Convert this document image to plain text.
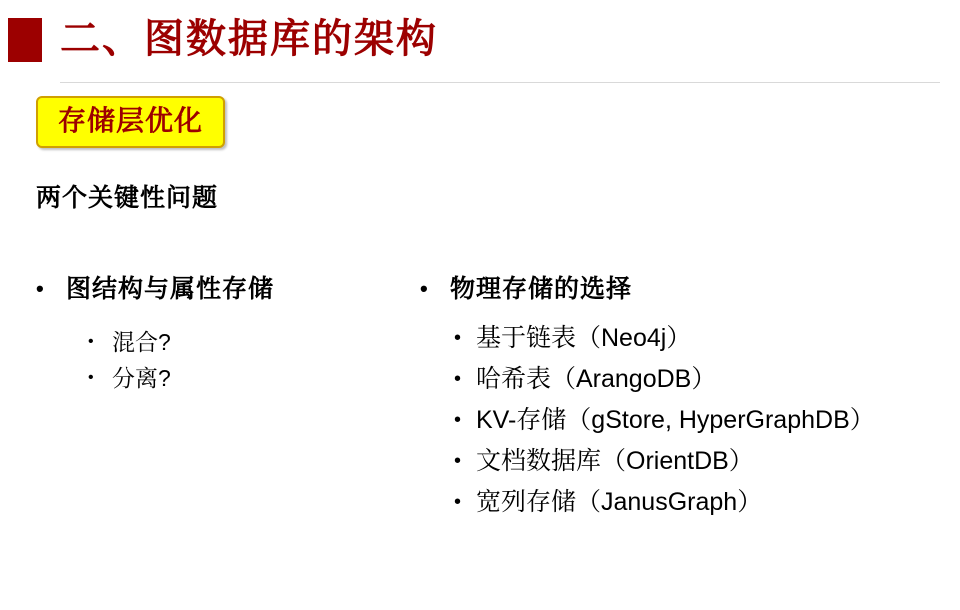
二、图数据库的架构
存储层优化
两个关键性问题
• 图结构与属性存储
• 混合?
• 分离?
• 物理存储的选择
• 基于链表（Neo4j）
• 哈希表（ArangoDB）
• KV-存储（gStore, HyperGraphDB）
• 文档数据库（OrientDB）
• 宽列存储（JanusGraph）
